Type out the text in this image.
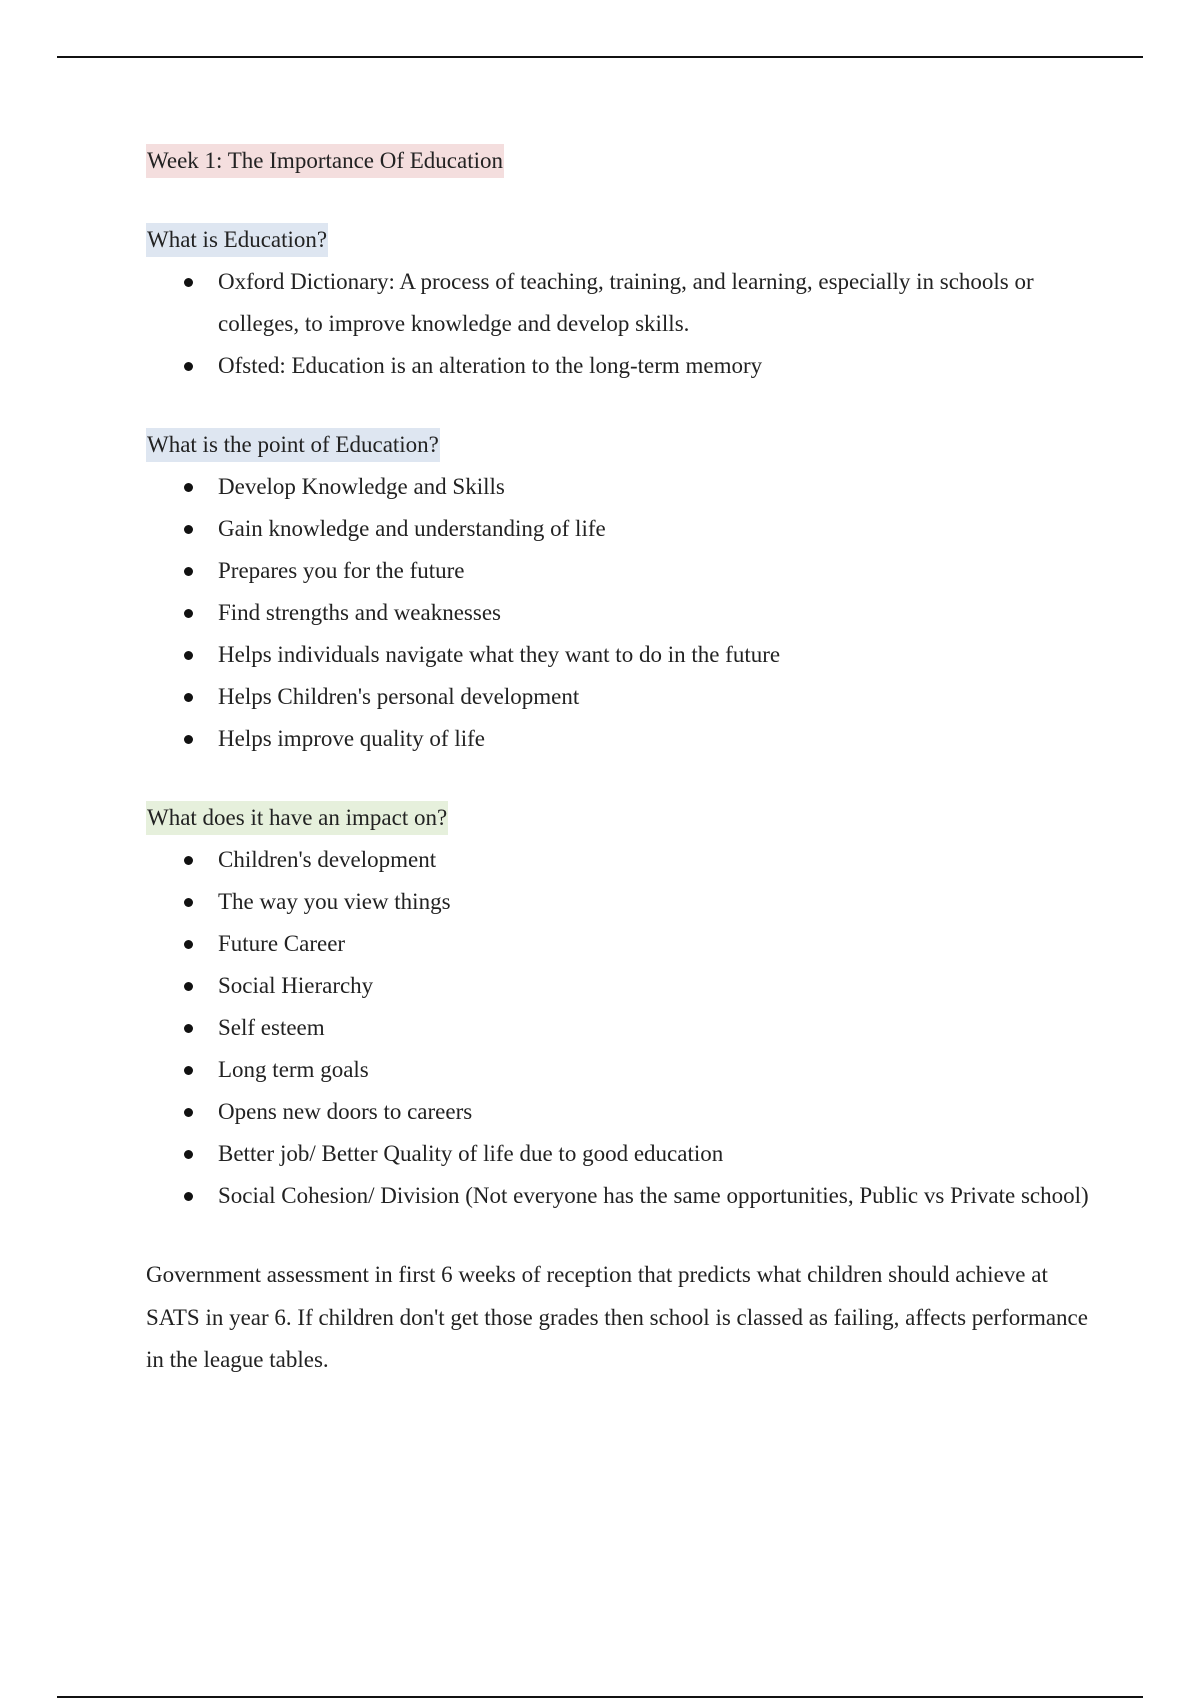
Week 1: The Importance Of Education
What is Education?
Oxford Dictionary: A process of teaching, training, and learning, especially in schools or colleges, to improve knowledge and develop skills.
Ofsted: Education is an alteration to the long-term memory
What is the point of Education?
Develop Knowledge and Skills
Gain knowledge and understanding of life
Prepares you for the future
Find strengths and weaknesses
Helps individuals navigate what they want to do in the future
Helps Children's personal development
Helps improve quality of life
What does it have an impact on?
Children's development
The way you view things
Future Career
Social Hierarchy
Self esteem
Long term goals
Opens new doors to careers
Better job/ Better Quality of life due to good education
Social Cohesion/ Division (Not everyone has the same opportunities, Public vs Private school)

Government assessment in first 6 weeks of reception that predicts what children should achieve at SATS in year 6. If children don't get those grades then school is classed as failing, affects performance in the league tables.
